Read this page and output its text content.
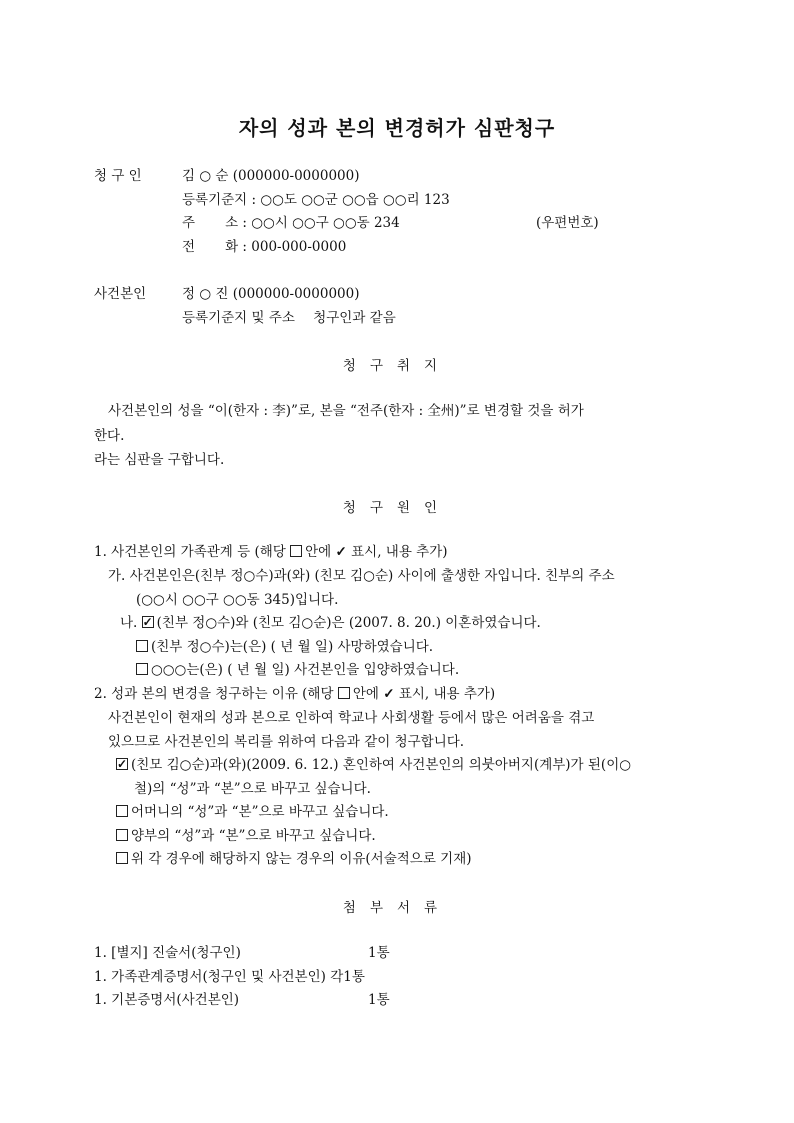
자의 성과 본의 변경허가 심판청구
청 구 인	김 ○ 순 (000000-0000000)
등록기준지 : ○○도 ○○군 ○○읍 ○○리 123
주       소 : ○○시 ○○구 ○○동 234	(우편번호)
전       화 : 000-000-0000
사건본인	정 ○ 진 (000000-0000000)
등록기준지 및 주소 청구인과 같음
청구취지
사건본인의 성을 “이(한자 : 李)”로, 본을 “전주(한자 : 全州)”로 변경할 것을 허가
한다.
라는 심판을 구합니다.
청구원인
1. 사건본인의 가족관계 등 (해당 안에 ✓ 표시, 내용 추가)
가. 사건본인은(친부 정○수)과(와) (친모 김○순) 사이에 출생한 자입니다. 친부의 주소
(○○시 ○○구 ○○동 345)입니다.
나. ✓ (친부 정○수)와 (친모 김○순)은 (2007. 8. 20.) 이혼하였습니다.
(친부 정○수)는(은) ( 년 월 일) 사망하였습니다.
○○○는(은) ( 년 월 일) 사건본인을 입양하였습니다.
2. 성과 본의 변경을 청구하는 이유 (해당 안에 ✓ 표시, 내용 추가)
사건본인이 현재의 성과 본으로 인하여 학교나 사회생활 등에서 많은 어려움을 겪고
있으므로 사건본인의 복리를 위하여 다음과 같이 청구합니다.
✓(친모 김○순)과(와)(2009. 6. 12.) 혼인하여 사건본인의 의붓아버지(계부)가 된(이○
철)의 “성”과 “본”으로 바꾸고 싶습니다.
어머니의 “성”과 “본”으로 바꾸고 싶습니다.
양부의 “성”과 “본”으로 바꾸고 싶습니다.
위 각 경우에 해당하지 않는 경우의 이유(서술적으로 기재)
첨부서류
1. [별지] 진술서(청구인)	1통
1. 가족관계증명서(청구인 및 사건본인) 각1통
1. 기본증명서(사건본인)	1통
